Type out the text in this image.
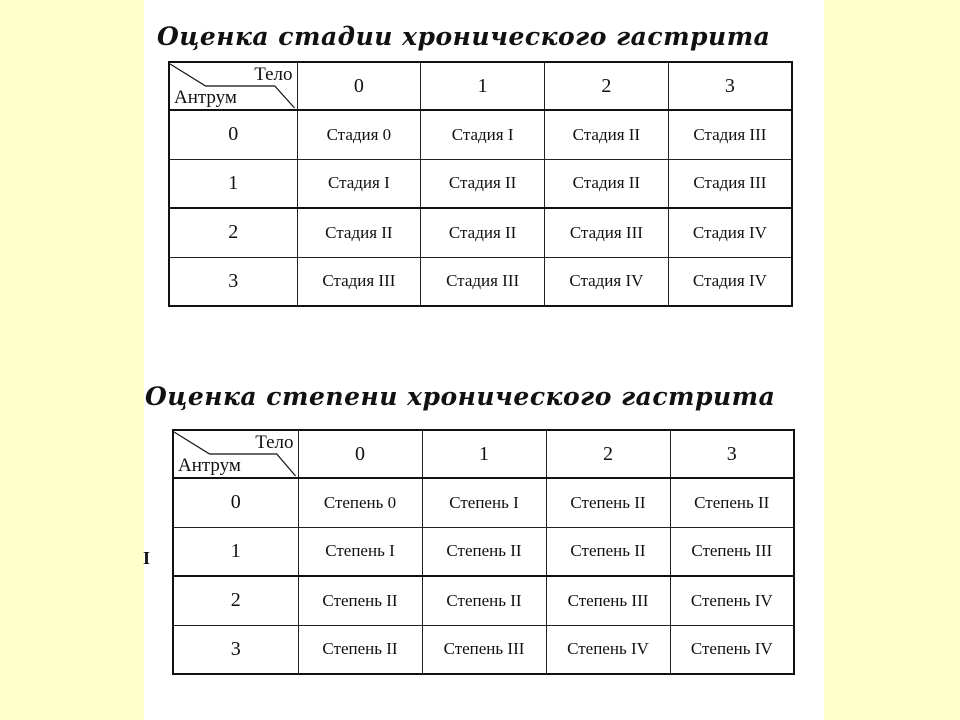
Оценка стадии хронического гастрита
Тело
Антрум	0	1	2	3
0	Стадия 0	Стадия I	Стадия II	Стадия III
1	Стадия I	Стадия II	Стадия II	Стадия III
2	Стадия II	Стадия II	Стадия III	Стадия IV
3	Стадия III	Стадия III	Стадия IV	Стадия IV
Оценка степени хронического гастрита
Тело
Антрум	0	1	2	3
0	Степень 0	Степень I	Степень II	Степень II
1	Степень I	Степень II	Степень II	Степень III
2	Степень II	Степень II	Степень III	Степень IV
3	Степень II	Степень III	Степень IV	Степень IV
I
